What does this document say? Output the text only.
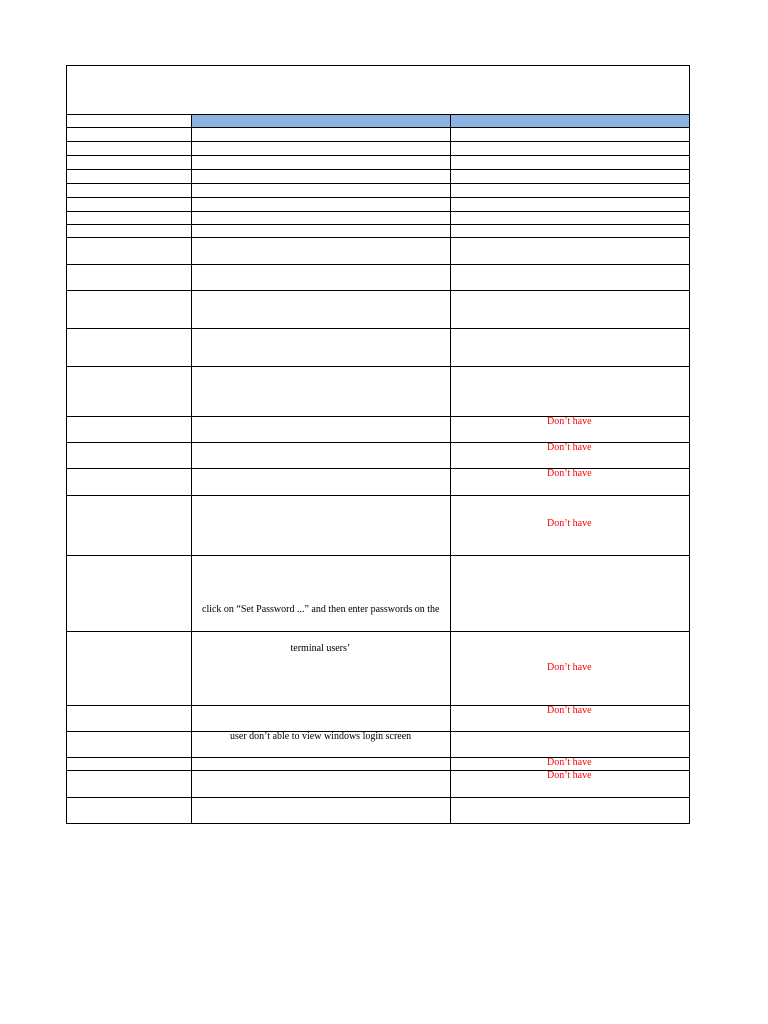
click on “Set Password ...” and then enter passwords on the
terminal users’
user don’t able to view windows login screen
Don’t have
Don’t have
Don’t have
Don’t have
Don’t have
Don’t have
Don’t have
Don’t have
